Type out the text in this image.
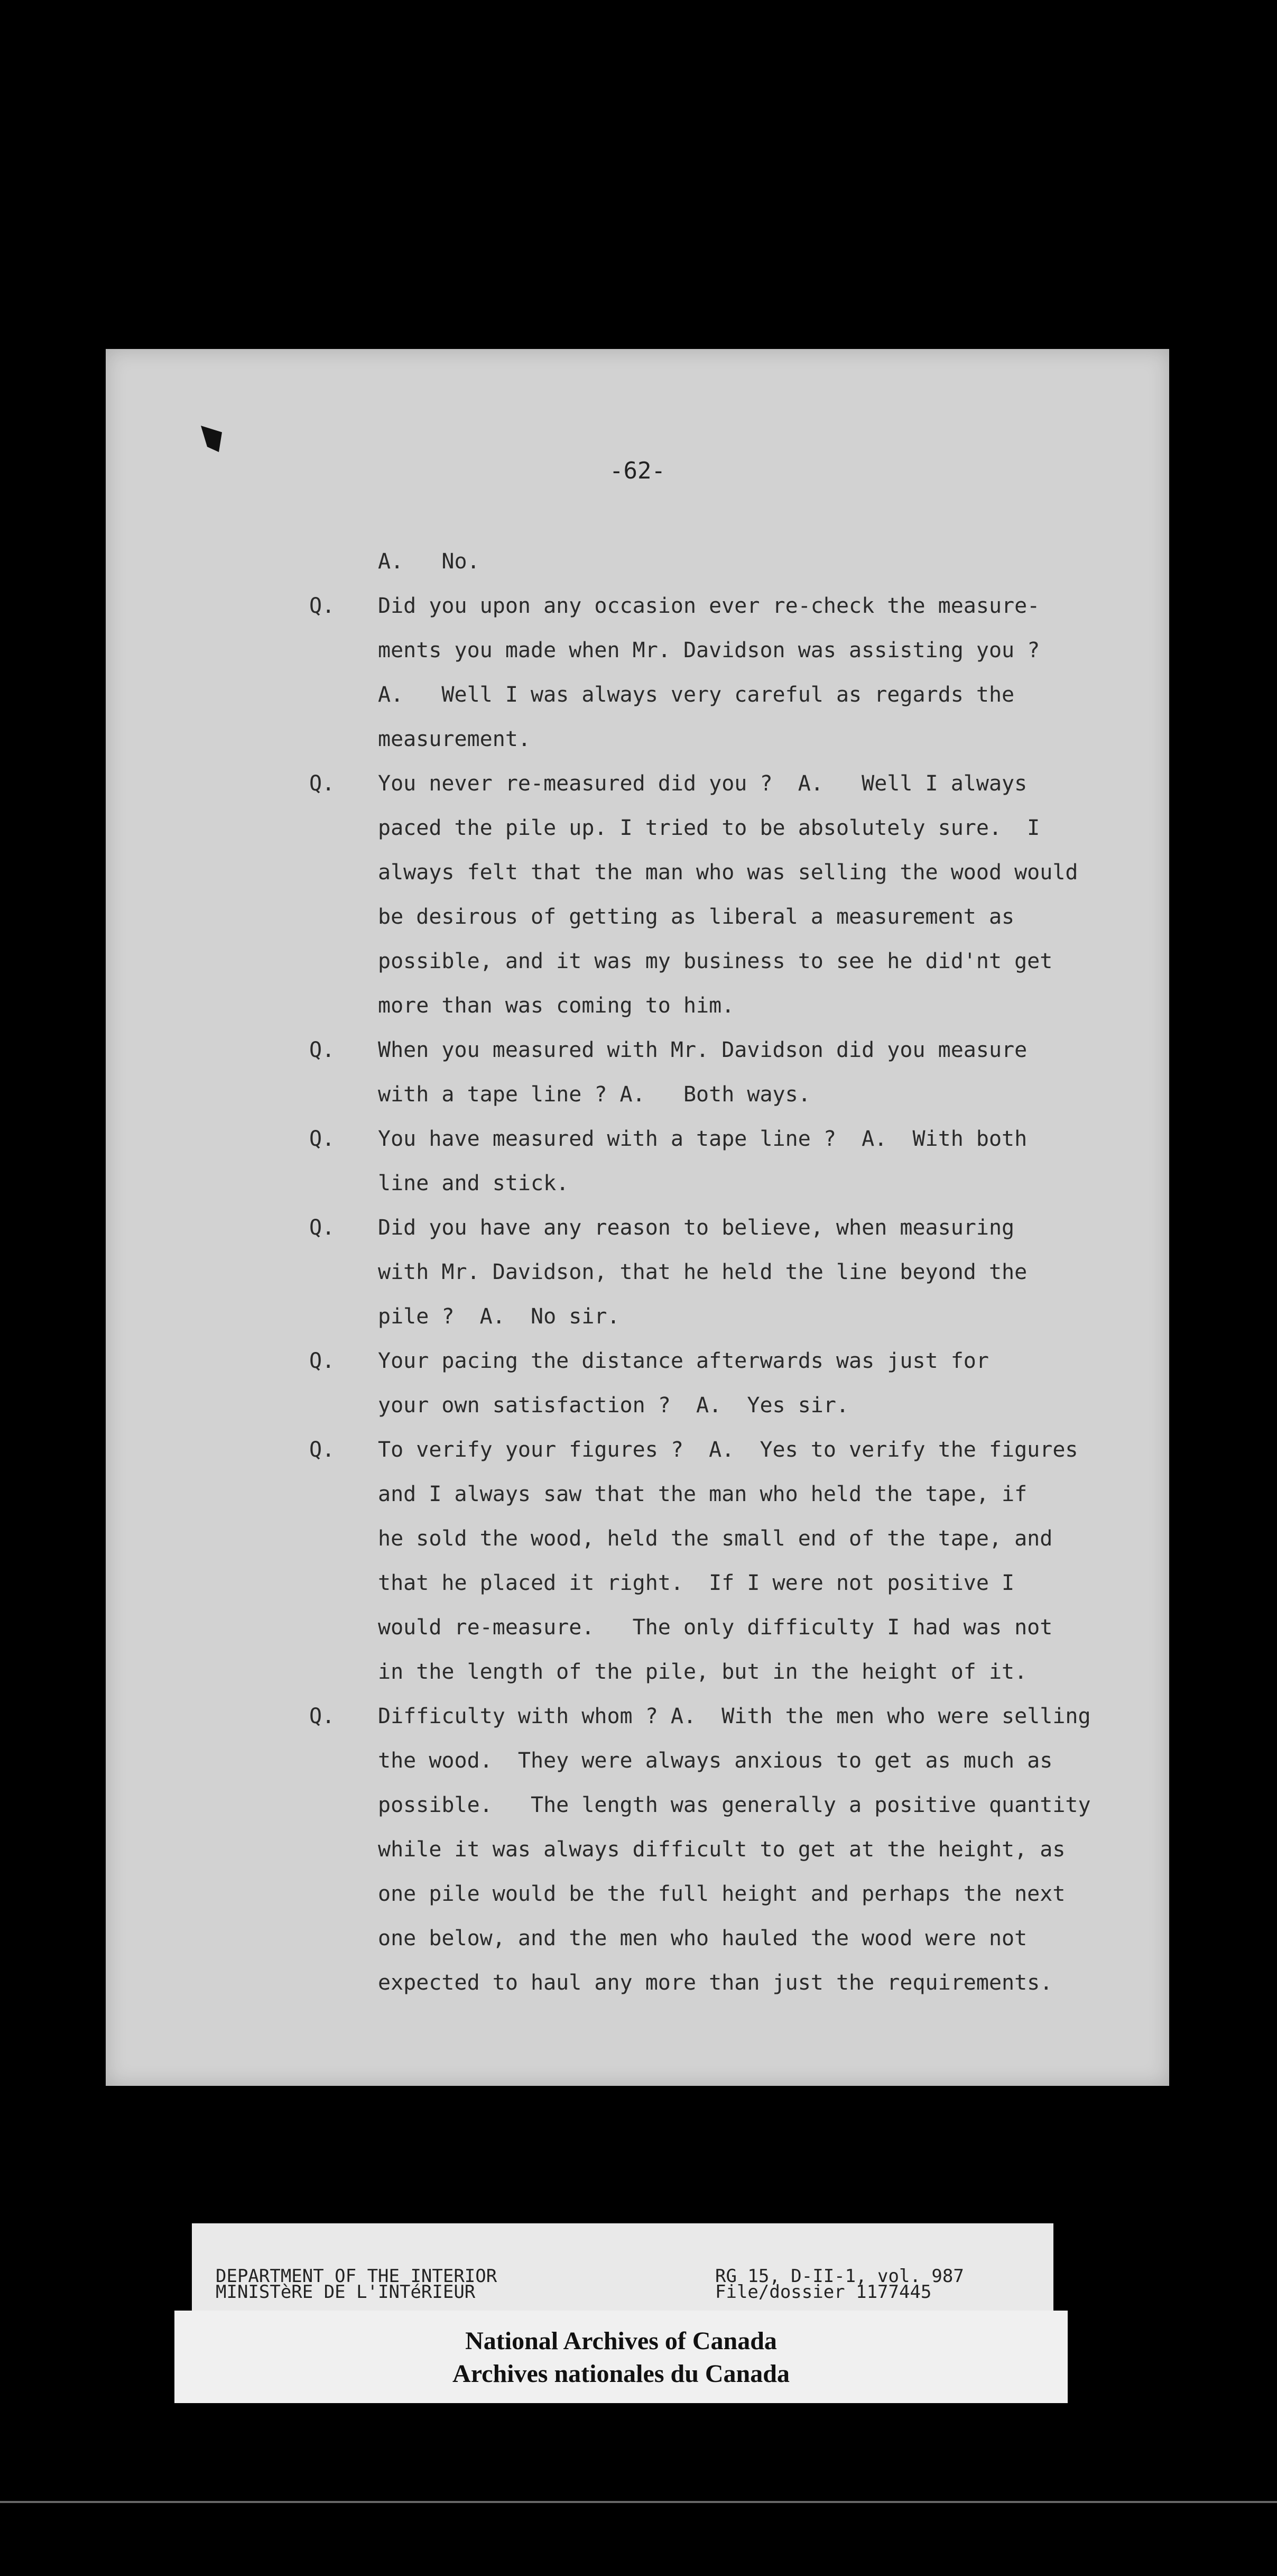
-62-
A.   No.
Q. Did you upon any occasion ever re-check the measure-
ments you made when Mr. Davidson was assisting you ?
A.   Well I was always very careful as regards the
measurement.
Q. You never re-measured did you ?  A.   Well I always
paced the pile up. I tried to be absolutely sure.  I
always felt that the man who was selling the wood would
be desirous of getting as liberal a measurement as
possible, and it was my business to see he did'nt get
more than was coming to him.
Q. When you measured with Mr. Davidson did you measure
with a tape line ? A.   Both ways.
Q. You have measured with a tape line ?  A.  With both
line and stick.
Q. Did you have any reason to believe, when measuring
with Mr. Davidson, that he held the line beyond the
pile ?  A.  No sir.
Q. Your pacing the distance afterwards was just for
your own satisfaction ?  A.  Yes sir.
Q. To verify your figures ?  A.  Yes to verify the figures
and I always saw that the man who held the tape, if
he sold the wood, held the small end of the tape, and
that he placed it right.  If I were not positive I
would re-measure.   The only difficulty I had was not
in the length of the pile, but in the height of it.
Q. Difficulty with whom ? A.  With the men who were selling
the wood.  They were always anxious to get as much as
possible.   The length was generally a positive quantity
while it was always difficult to get at the height, as
one pile would be the full height and perhaps the next
one below, and the men who hauled the wood were not
expected to haul any more than just the requirements.
DEPARTMENT OF THE INTERIOR
MINISTèRE DE L'INTéRIEUR
RG 15, D-II-1, vol. 987
File/dossier 1177445
National Archives of Canada
Archives nationales du Canada
